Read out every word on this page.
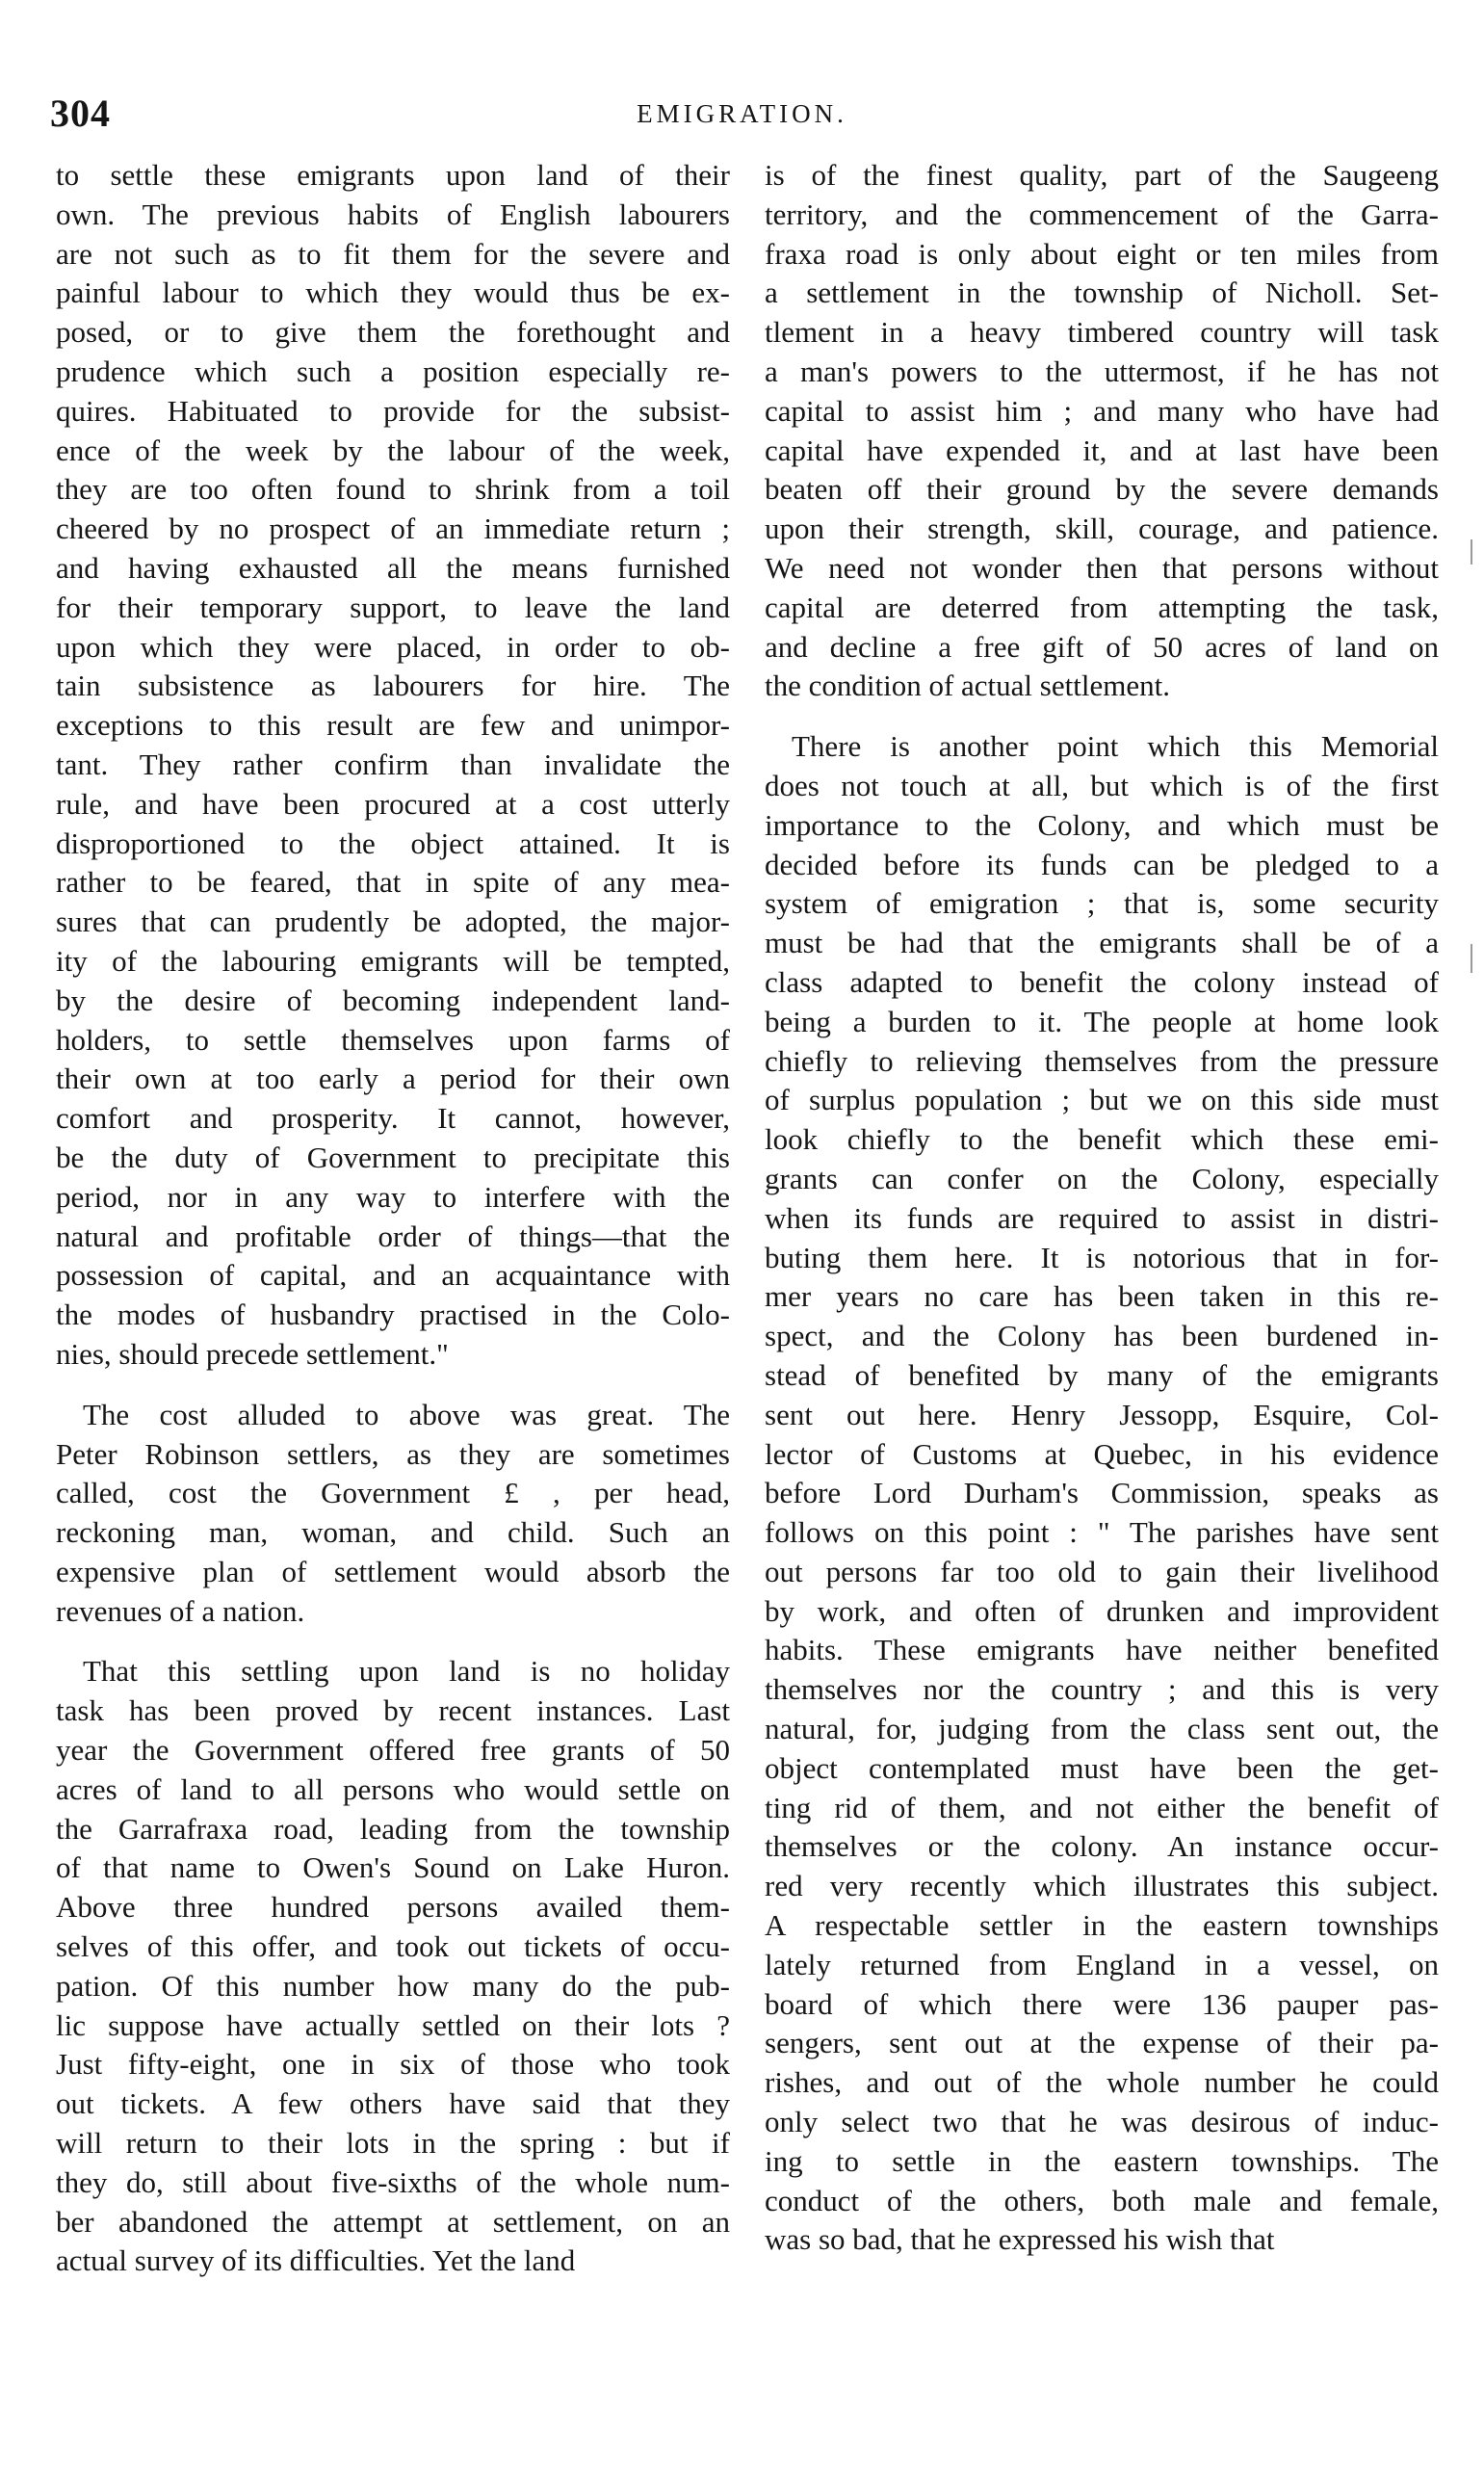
304	EMIGRATION.
to settle these emigrants upon land of their
own. The previous habits of English labourers
are not such as to fit them for the severe and
painful labour to which they would thus be ex-
posed, or to give them the forethought and
prudence which such a position especially re-
quires. Habituated to provide for the subsist-
ence of the week by the labour of the week,
they are too often found to shrink from a toil
cheered by no prospect of an immediate return ;
and having exhausted all the means furnished
for their temporary support, to leave the land
upon which they were placed, in order to ob-
tain subsistence as labourers for hire. The
exceptions to this result are few and unimpor-
tant. They rather confirm than invalidate the
rule, and have been procured at a cost utterly
disproportioned to the object attained. It is
rather to be feared, that in spite of any mea-
sures that can prudently be adopted, the major-
ity of the labouring emigrants will be tempted,
by the desire of becoming independent land-
holders, to settle themselves upon farms of
their own at too early a period for their own
comfort and prosperity. It cannot, however,
be the duty of Government to precipitate this
period, nor in any way to interfere with the
natural and profitable order of things—that the
possession of capital, and an acquaintance with
the modes of husbandry practised in the Colo-
nies, should precede settlement."
The cost alluded to above was great. The
Peter Robinson settlers, as they are sometimes
called, cost the Government £ , per head,
reckoning man, woman, and child. Such an
expensive plan of settlement would absorb the
revenues of a nation.
That this settling upon land is no holiday
task has been proved by recent instances. Last
year the Government offered free grants of 50
acres of land to all persons who would settle on
the Garrafraxa road, leading from the township
of that name to Owen's Sound on Lake Huron.
Above three hundred persons availed them-
selves of this offer, and took out tickets of occu-
pation. Of this number how many do the pub-
lic suppose have actually settled on their lots ?
Just fifty-eight, one in six of those who took
out tickets. A few others have said that they
will return to their lots in the spring : but if
they do, still about five-sixths of the whole num-
ber abandoned the attempt at settlement, on an
actual survey of its difficulties. Yet the land
is of the finest quality, part of the Saugeeng
territory, and the commencement of the Garra-
fraxa road is only about eight or ten miles from
a settlement in the township of Nicholl. Set-
tlement in a heavy timbered country will task
a man's powers to the uttermost, if he has not
capital to assist him ; and many who have had
capital have expended it, and at last have been
beaten off their ground by the severe demands
upon their strength, skill, courage, and patience.
We need not wonder then that persons without
capital are deterred from attempting the task,
and decline a free gift of 50 acres of land on
the condition of actual settlement.
There is another point which this Memorial
does not touch at all, but which is of the first
importance to the Colony, and which must be
decided before its funds can be pledged to a
system of emigration ; that is, some security
must be had that the emigrants shall be of a
class adapted to benefit the colony instead of
being a burden to it. The people at home look
chiefly to relieving themselves from the pressure
of surplus population ; but we on this side must
look chiefly to the benefit which these emi-
grants can confer on the Colony, especially
when its funds are required to assist in distri-
buting them here. It is notorious that in for-
mer years no care has been taken in this re-
spect, and the Colony has been burdened in-
stead of benefited by many of the emigrants
sent out here. Henry Jessopp, Esquire, Col-
lector of Customs at Quebec, in his evidence
before Lord Durham's Commission, speaks as
follows on this point : " The parishes have sent
out persons far too old to gain their livelihood
by work, and often of drunken and improvident
habits. These emigrants have neither benefited
themselves nor the country ; and this is very
natural, for, judging from the class sent out, the
object contemplated must have been the get-
ting rid of them, and not either the benefit of
themselves or the colony. An instance occur-
red very recently which illustrates this subject.
A respectable settler in the eastern townships
lately returned from England in a vessel, on
board of which there were 136 pauper pas-
sengers, sent out at the expense of their pa-
rishes, and out of the whole number he could
only select two that he was desirous of induc-
ing to settle in the eastern townships. The
conduct of the others, both male and female,
was so bad, that he expressed his wish that
